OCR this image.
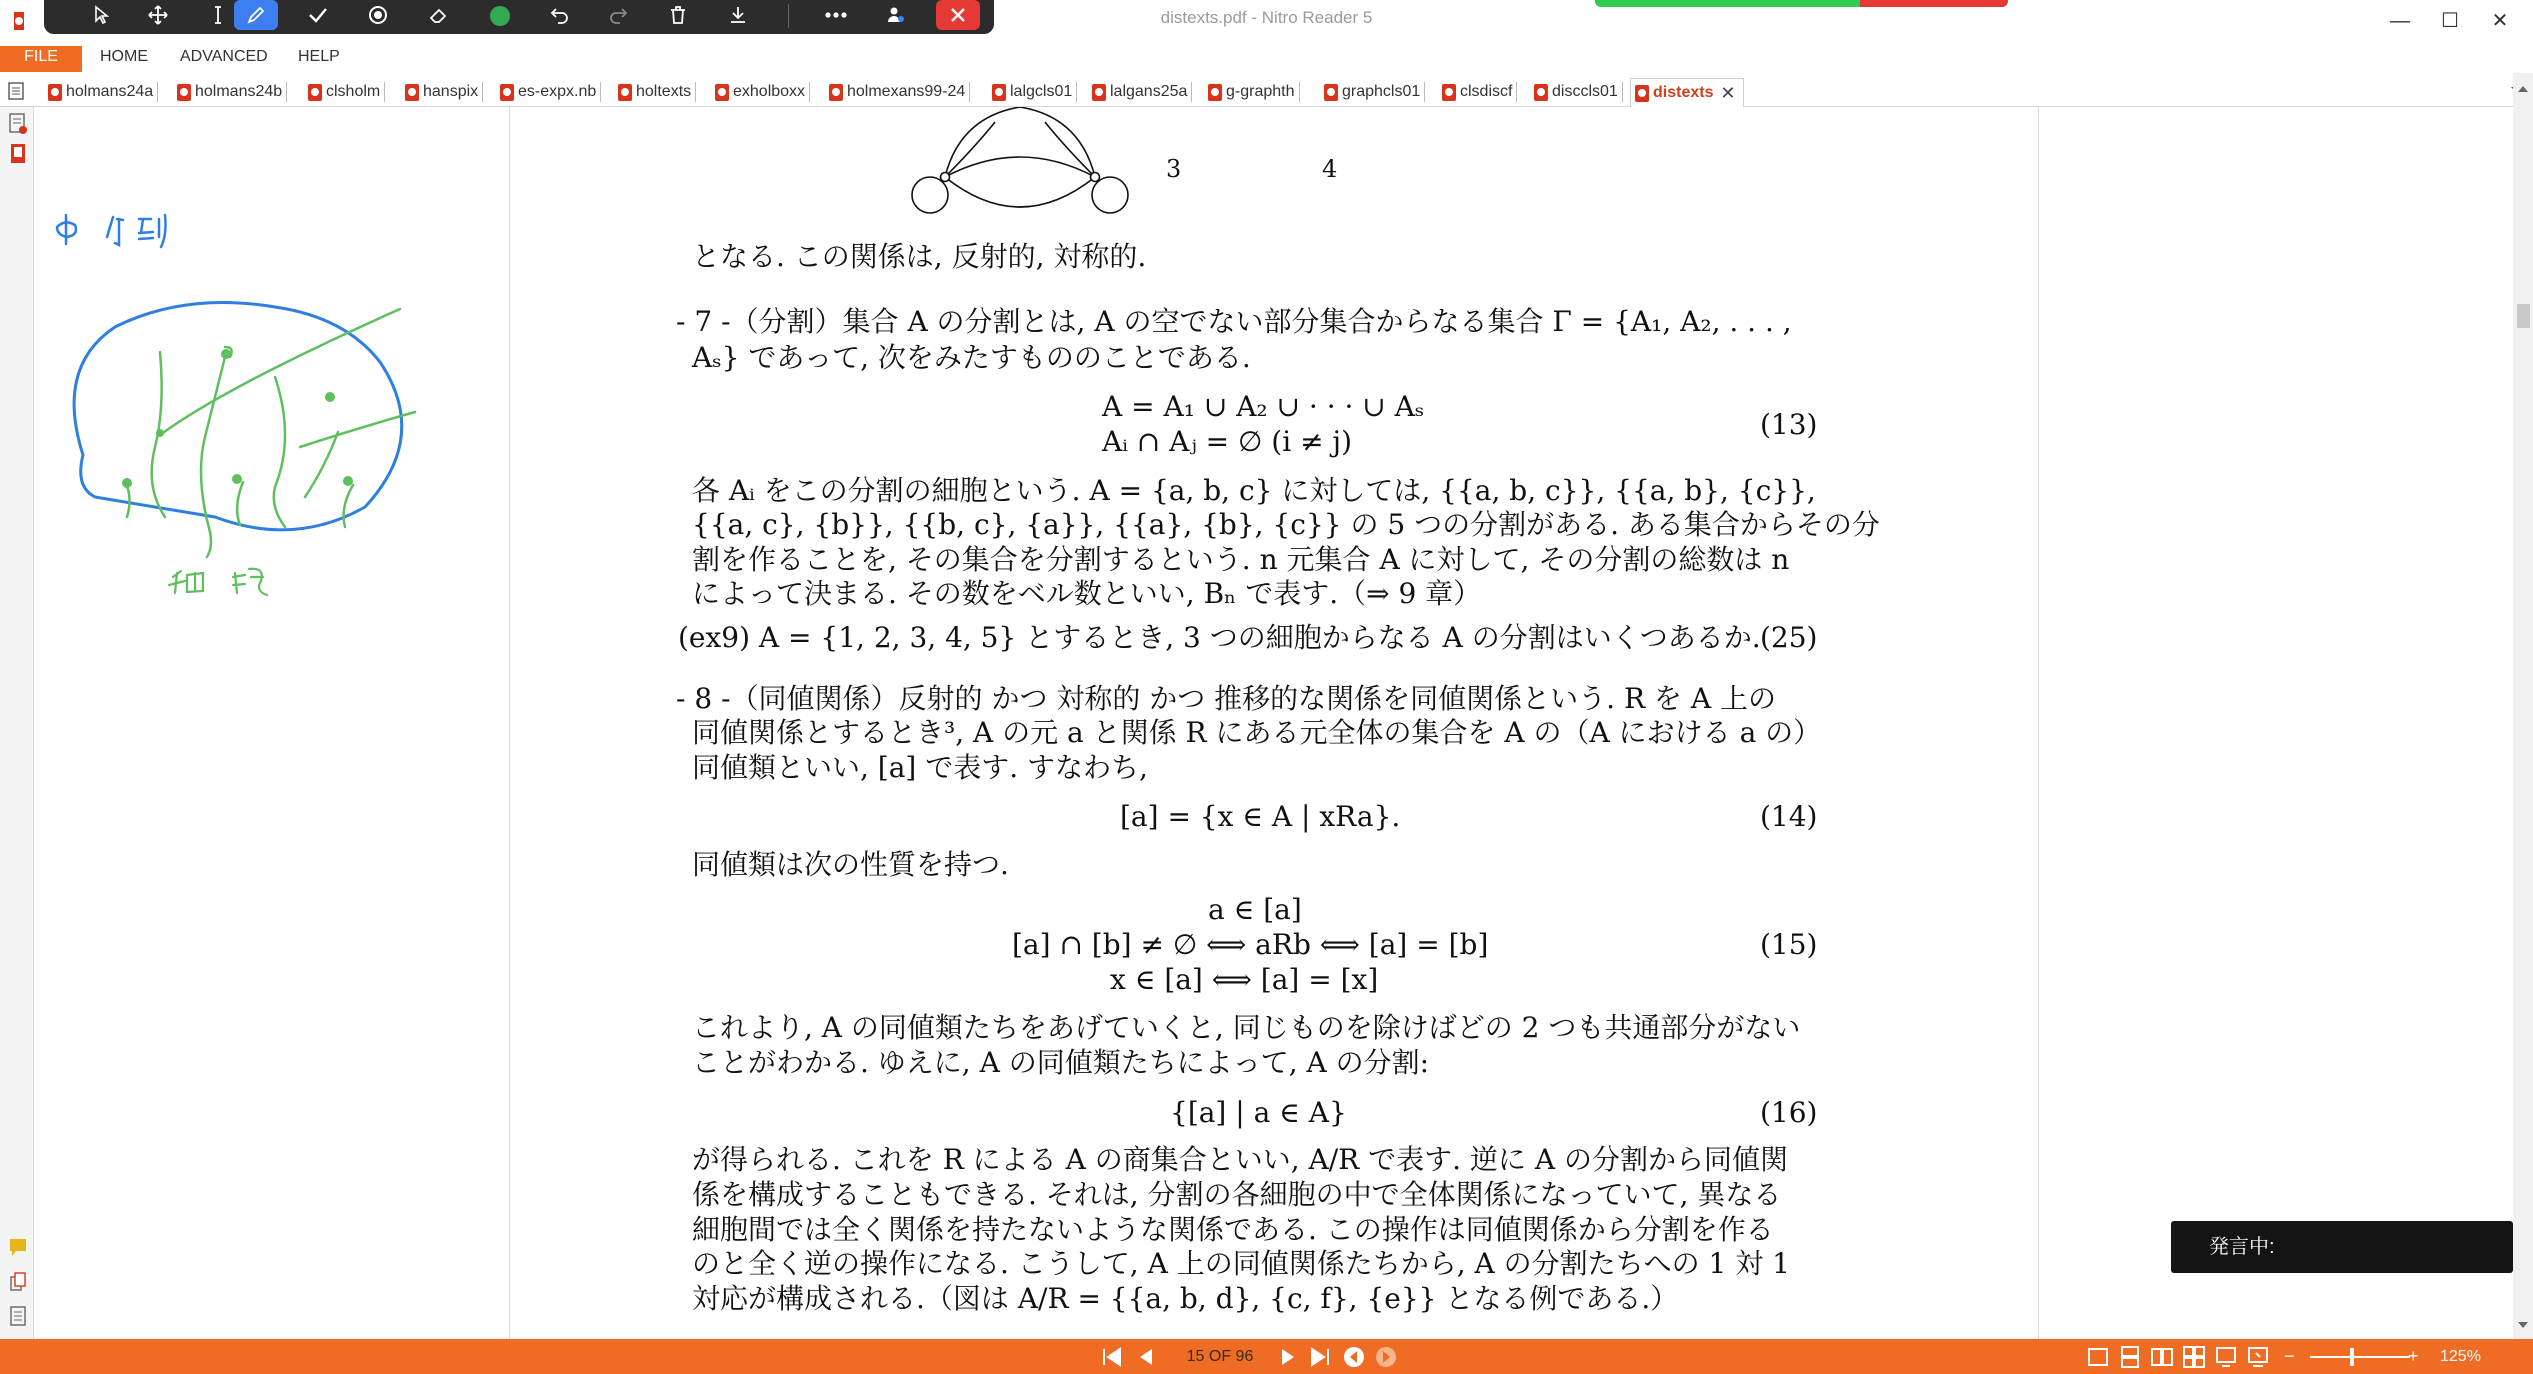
distexts.pdf - Nitro Reader 5	—	☐	✕
FILE	HOME	ADVANCED	HELP
holmans24a	holmans24b	clsholm	hanspix	es-expx.nb	holtexts	exholboxx	holmexans99-24	lalgcls01	lalgans25a	g-graphth	graphcls01	clsdiscf	disccls01	distexts ✕
3	4
となる. この関係は, 反射的, 対称的.
- 7 -（分割）集合 A の分割とは, A の空でない部分集合からなる集合 Γ = {A₁, A₂, . . . ,
Aₛ} であって, 次をみたすもののことである.
A = A₁ ∪ A₂ ∪ · · · ∪ Aₛ
Aᵢ ∩ Aⱼ = ∅ (i ≠ j)
(13)
各 Aᵢ をこの分割の細胞という. A = {a, b, c} に対しては, {{a, b, c}}, {{a, b}, {c}},
{{a, c}, {b}}, {{b, c}, {a}}, {{a}, {b}, {c}} の 5 つの分割がある. ある集合からその分
割を作ることを, その集合を分割するという. n 元集合 A に対して, その分割の総数は n
によって決まる. その数をベル数といい, Bₙ で表す.（⇒ 9 章）
(ex9) A = {1, 2, 3, 4, 5} とするとき, 3 つの細胞からなる A の分割はいくつあるか. (25)
- 8 -（同値関係）反射的 かつ 対称的 かつ 推移的な関係を同値関係という. R を A 上の
同値関係とするとき³, A の元 a と関係 R にある元全体の集合を A の（A における a の）
同値類といい, [a] で表す. すなわち,
[a] = {x ∈ A | xRa}.	(14)
同値類は次の性質を持つ.
a ∈ [a]
[a] ∩ [b] ≠ ∅ ⟺ aRb ⟺ [a] = [b]
x ∈ [a] ⟺ [a] = [x]
(15)
これより, A の同値類たちをあげていくと, 同じものを除けばどの 2 つも共通部分がない
ことがわかる. ゆえに, A の同値類たちによって, A の分割:
{[a] | a ∈ A}	(16)
が得られる. これを R による A の商集合といい, A/R で表す. 逆に A の分割から同値関
係を構成することもできる. それは, 分割の各細胞の中で全体関係になっていて, 異なる
細胞間では全く関係を持たないような関係である. この操作は同値関係から分割を作る
のと全く逆の操作になる. こうして, A 上の同値関係たちから, A の分割たちへの 1 対 1
対応が構成される.（図は A/R = {{a, b, d}, {c, f}, {e}} となる例である.）
発言中:
15 OF 96	−	+ 125%
